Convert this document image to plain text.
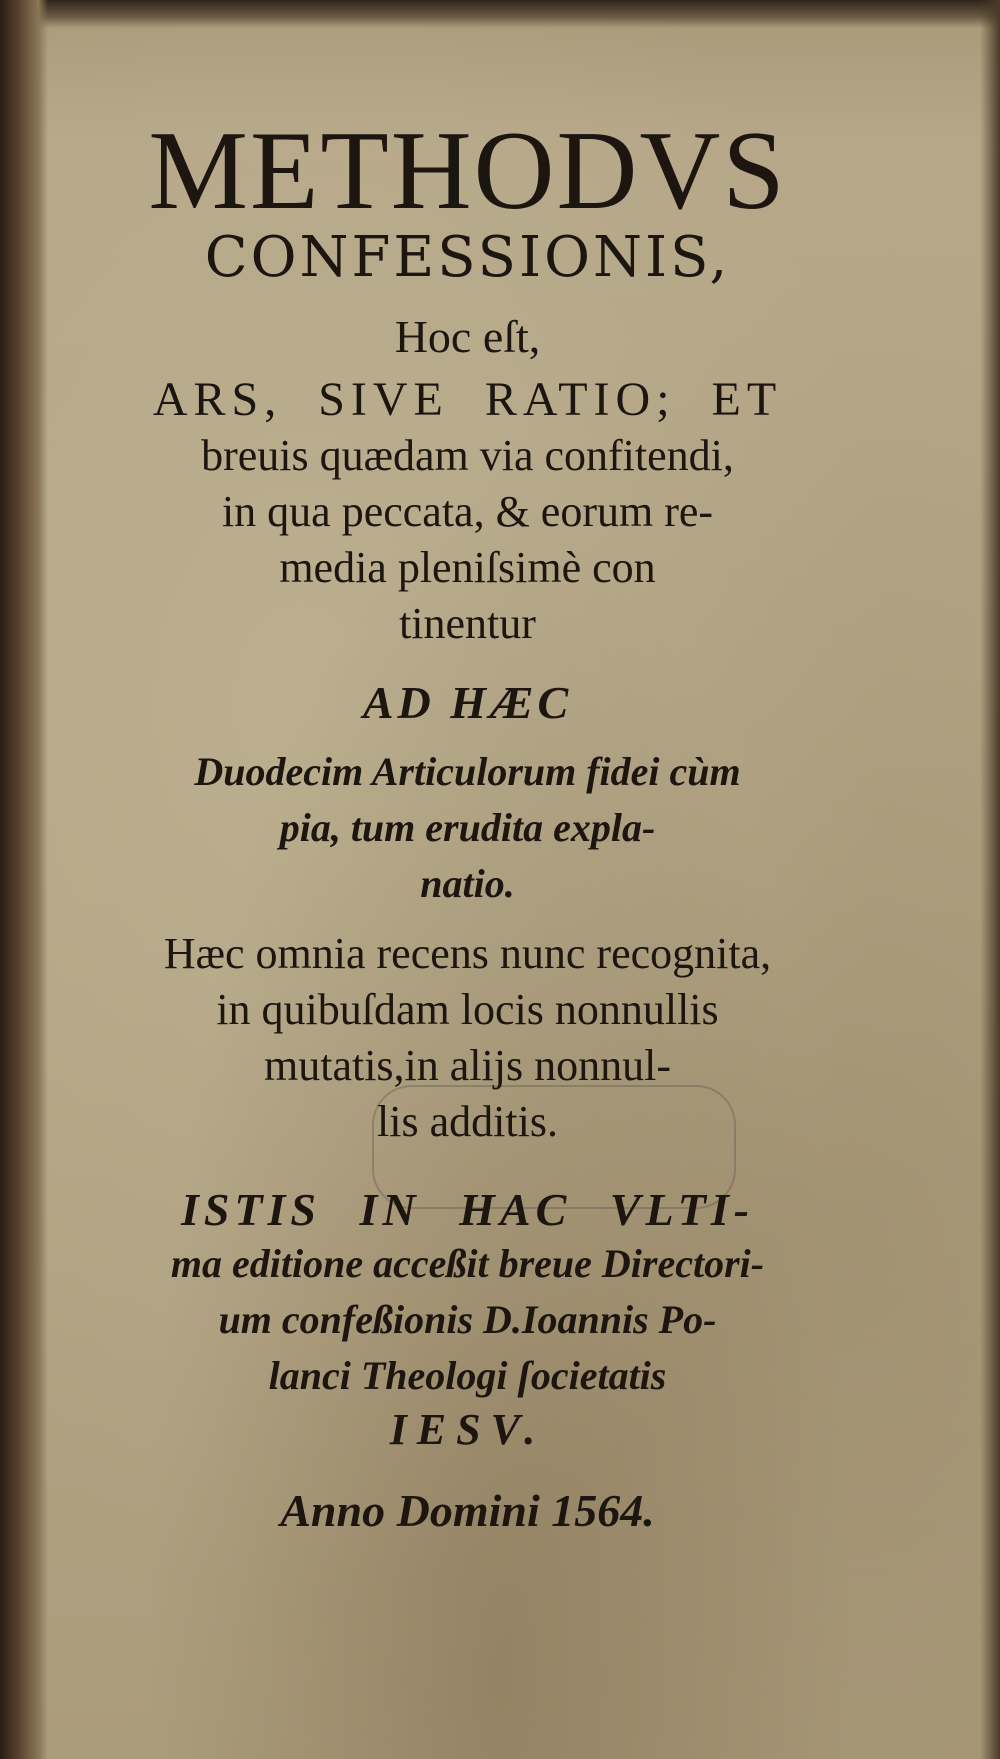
METHODVS
CONFESSIONIS,
Hoc eſt,
ARS, SIVE RATIO; ET
breuis quædam via confitendi,
in qua peccata, & eorum re-
media pleniſsimè con
tinentur
AD HÆC
Duodecim Articulorum fidei cùm
pia, tum erudita expla-
natio.
Hæc omnia recens nunc recognita,
in quibuſdam locis nonnullis
mutatis,in alijs nonnul-
lis additis.
ISTIS IN HAC VLTI-
ma editione acceßit breue Directori-
um confeßionis D.Ioannis Po-
lanci Theologi ſocietatis
IESV.
Anno Domini 1564.
